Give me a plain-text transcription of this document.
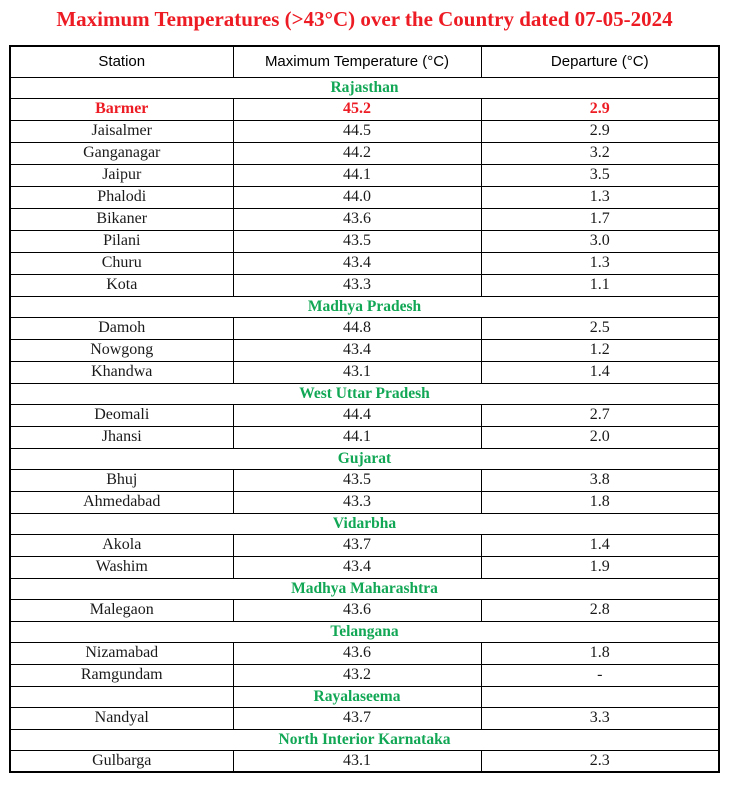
Maximum Temperatures (>43°C) over the Country dated 07-05-2024
Station	Maximum Temperature (°C)	Departure (°C)
Rajasthan		
Barmer	45.2	2.9
Jaisalmer	44.5	2.9
Ganganagar	44.2	3.2
Jaipur	44.1	3.5
Phalodi	44.0	1.3
Bikaner	43.6	1.7
Pilani	43.5	3.0
Churu	43.4	1.3
Kota	43.3	1.1
Madhya Pradesh		
Damoh	44.8	2.5
Nowgong	43.4	1.2
Khandwa	43.1	1.4
West Uttar Pradesh		
Deomali	44.4	2.7
Jhansi	44.1	2.0
Gujarat		
Bhuj	43.5	3.8
Ahmedabad	43.3	1.8
Vidarbha		
Akola	43.7	1.4
Washim	43.4	1.9
Madhya Maharashtra		
Malegaon	43.6	2.8
Telangana		
Nizamabad	43.6	1.8
Ramgundam	43.2	-
	Rayalaseema	
Nandyal	43.7	3.3
North Interior Karnataka		
Gulbarga	43.1	2.3
